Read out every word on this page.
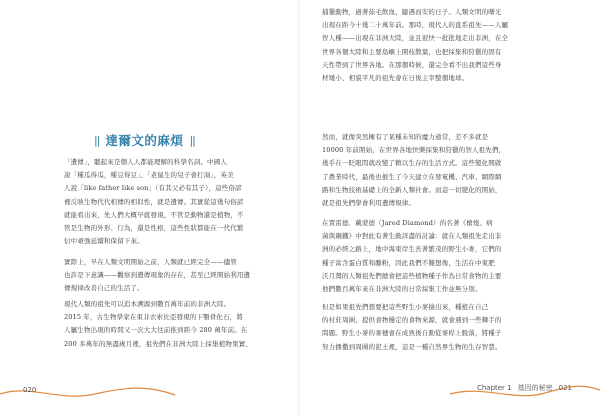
|| 達爾文的麻煩 ||

「遺傳」，聽起來是個人人都能理解的科學名詞。中國人
說「種瓜得瓜，種豆得豆」、「老鼠生的兒子會打洞」，英美
人說「like father like son」（有其父必有其子），這些俗諺
裡反映生物代代相傳的相似性，就是遺傳。其實從這幾句俗諺
就能看出來，先人們大概早就發現，不管是動物還是植物，不
管是生物的外形、行為，還是性格，這些性狀都能在一代代繁
衍中頑強延續和保留下來。

實際上，早在人類文明開始之前，人類就已經完全——儘管
也許是下意識——觀察到遺傳現象的存在，甚至已經開始利用遺
傳規律改善自己的生活了。

現代人類的祖先可以追本溯源到數百萬年前的非洲大陸。
2015 年，古生物學家在東非衣索比亞發現的下顎骨化石，將
人屬生物出現的時間又一次大大往前推到距今 280 萬年前。在
200 多萬年的無盡歲月裡，祖先們在非洲大陸上採集植物果實、

020

捕獵動物，過著茹毛飲血、隨遇而安的日子。人類文明的曙光
出現在距今十幾二十萬年前。那時，現代人的直系祖先——人屬
智人種——出現在非洲大陸，並且很快一批批地走出非洲，在全
世界各個大陸和主要島嶼上開枝散葉，也把採集和狩獵的固有
天性帶到了世界各地。在那個時候，還完全看不出我們這些身
材矮小、相貌平凡的祖先會在日後主宰整個地球。

然而，就像突然擁有了某種未知的魔力通常，差不多就是
10000 年前開始，在世界各地快樂採集和狩獵的智人祖先們，
幾乎在一眨眼間就改變了賴以生存的生活方式。這些變化開啟
了農業時代，最後也催生了今天建立在發電機、汽車、網際網
路和生物技術基礎上的全新人類社會。而這一切變化的開始，
就是祖先們學會利用遺傳規律。

在賈雷德．戴蒙德（Jared Diamond）的名著《槍炮、病
菌與鋼鐵》中對此有著生動詳盡的討論：就在人類祖先走出非
洲的必經之路上，地中海東岸生長著繁茂的野生小麥，它們的
種子富含蛋白質和醣粉，因此我們不難想像，生活在中東肥
沃月灣的人類祖先們總會把這些植物種子作為日常食物的主要
他們數百萬年來在非洲大陸的日常採集工作並無分別。

但是如果祖先們想要把這些野生小麥撿出來，種植在自己
的村莊周圍，提供食物穩定的食物來源，就會遇到一些棘手的
問題。野生小麥的麥穗會在成熟後自動從麥桿上脫落，將種子
努力播撒到周圍的泥土裡，這是一種自然界生物的生存智慧。

Chapter 1 基因的秘密 021
